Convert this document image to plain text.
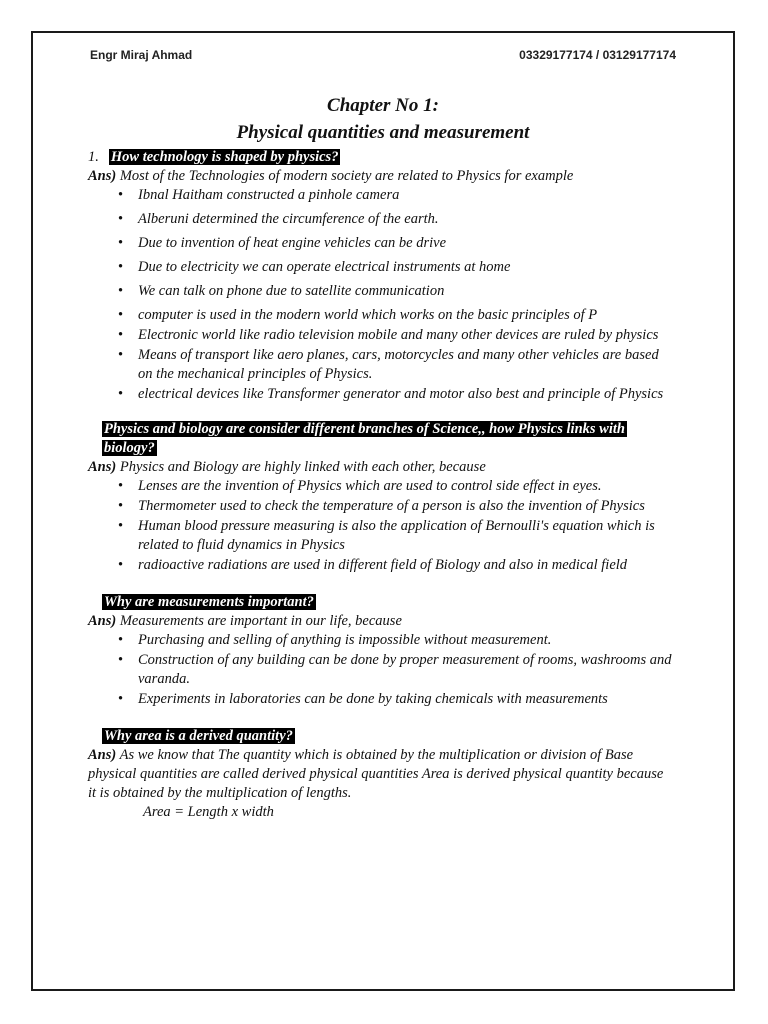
Engr Miraj Ahmad	03329177174 / 03129177174
Chapter No 1:
Physical quantities and measurement

1. How technology is shaped by physics?

Ans) Most of the Technologies of modern society are related to Physics for example

• Ibnal Haitham constructed a pinhole camera
• Alberuni determined the circumference of the earth.
• Due to invention of heat engine vehicles can be drive
• Due to electricity we can operate electrical instruments at home
• We can talk on phone due to satellite communication
• computer is used in the modern world which works on the basic principles of P
• Electronic world like radio television mobile and many other devices are ruled by physics
• Means of transport like aero planes, cars, motorcycles and many other vehicles are based on the mechanical principles of Physics.
• electrical devices like Transformer generator and motor also best and principle of Physics

Physics and biology are consider different branches of Science,, how Physics links with biology?

Ans) Physics and Biology are highly linked with each other, because

• Lenses are the invention of Physics which are used to control side effect in eyes.
• Thermometer used to check the temperature of a person is also the invention of Physics
• Human blood pressure measuring is also the application of Bernoulli's equation which is related to fluid dynamics in Physics
• radioactive radiations are used in different field of Biology and also in medical field

Why are measurements important?

Ans) Measurements are important in our life, because

• Purchasing and selling of anything is impossible without measurement.
• Construction of any building can be done by proper measurement of rooms, washrooms and varanda.
• Experiments in laboratories can be done by taking chemicals with measurements

Why area is a derived quantity?

Ans) As we know that The quantity which is obtained by the multiplication or division of Base physical quantities are called derived physical quantities Area is derived physical quantity because it is obtained by the multiplication of lengths.

Area = Length x width
